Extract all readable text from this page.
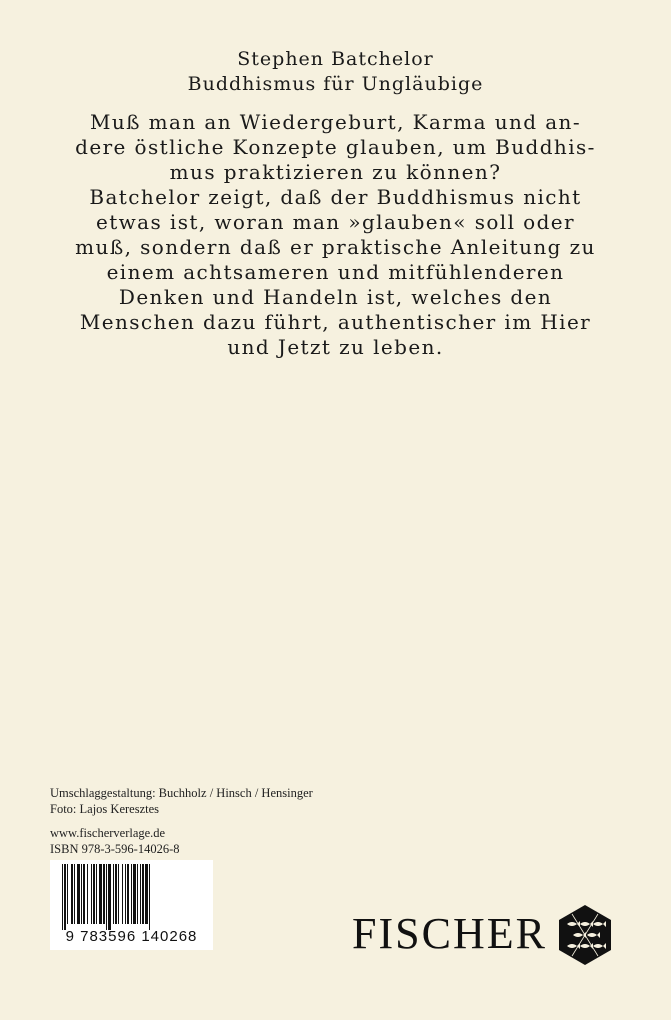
Stephen Batchelor
Buddhismus für Ungläubige
Muß man an Wiedergeburt, Karma und an-
dere östliche Konzepte glauben, um Buddhis-
mus praktizieren zu können?
Batchelor zeigt, daß der Buddhismus nicht
etwas ist, woran man »glauben« soll oder
muß, sondern daß er praktische Anleitung zu
einem achtsameren und mitfühlenderen
Denken und Handeln ist, welches den
Menschen dazu führt, authentischer im Hier
und Jetzt zu leben.
Umschlaggestaltung: Buchholz / Hinsch / Hensinger
Foto: Lajos Keresztes
www.fischerverlage.de
ISBN 978-3-596-14026-8
9 783596 140268	FISCHER
